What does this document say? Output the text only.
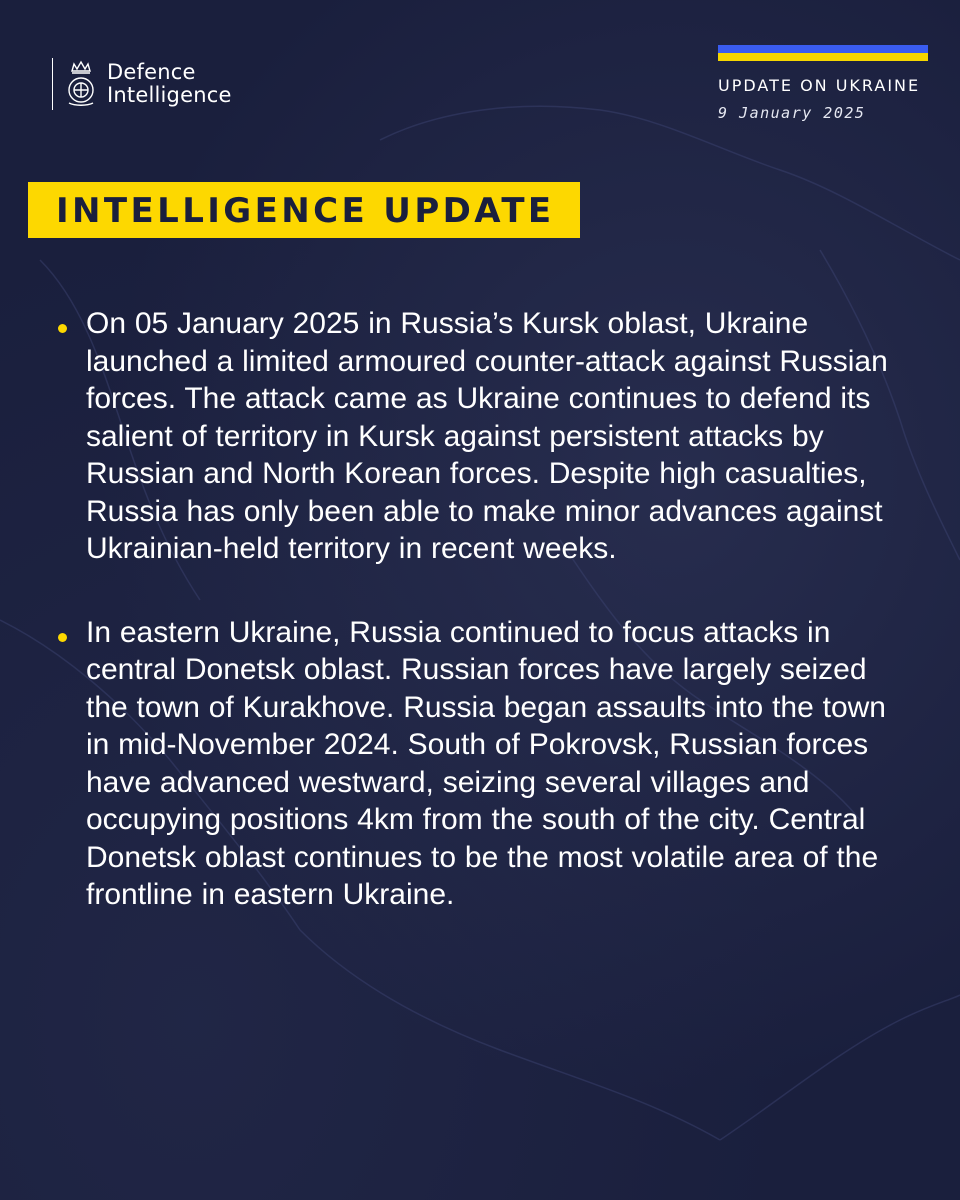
Defence
Intelligence	UPDATE ON UKRAINE
9 January 2025
INTELLIGENCE UPDATE
On 05 January 2025 in Russia’s Kursk oblast, Ukraine launched a limited armoured counter-attack against Russian forces. The attack came as Ukraine continues to defend its salient of territory in Kursk against persistent attacks by Russian and North Korean forces. Despite high casualties, Russia has only been able to make minor advances against Ukrainian-held territory in recent weeks.
In eastern Ukraine, Russia continued to focus attacks in central Donetsk oblast. Russian forces have largely seized the town of Kurakhove. Russia began assaults into the town in mid-November 2024. South of Pokrovsk, Russian forces have advanced westward, seizing several villages and occupying positions 4km from the south of the city. Central Donetsk oblast continues to be the most volatile area of the frontline in eastern Ukraine.
